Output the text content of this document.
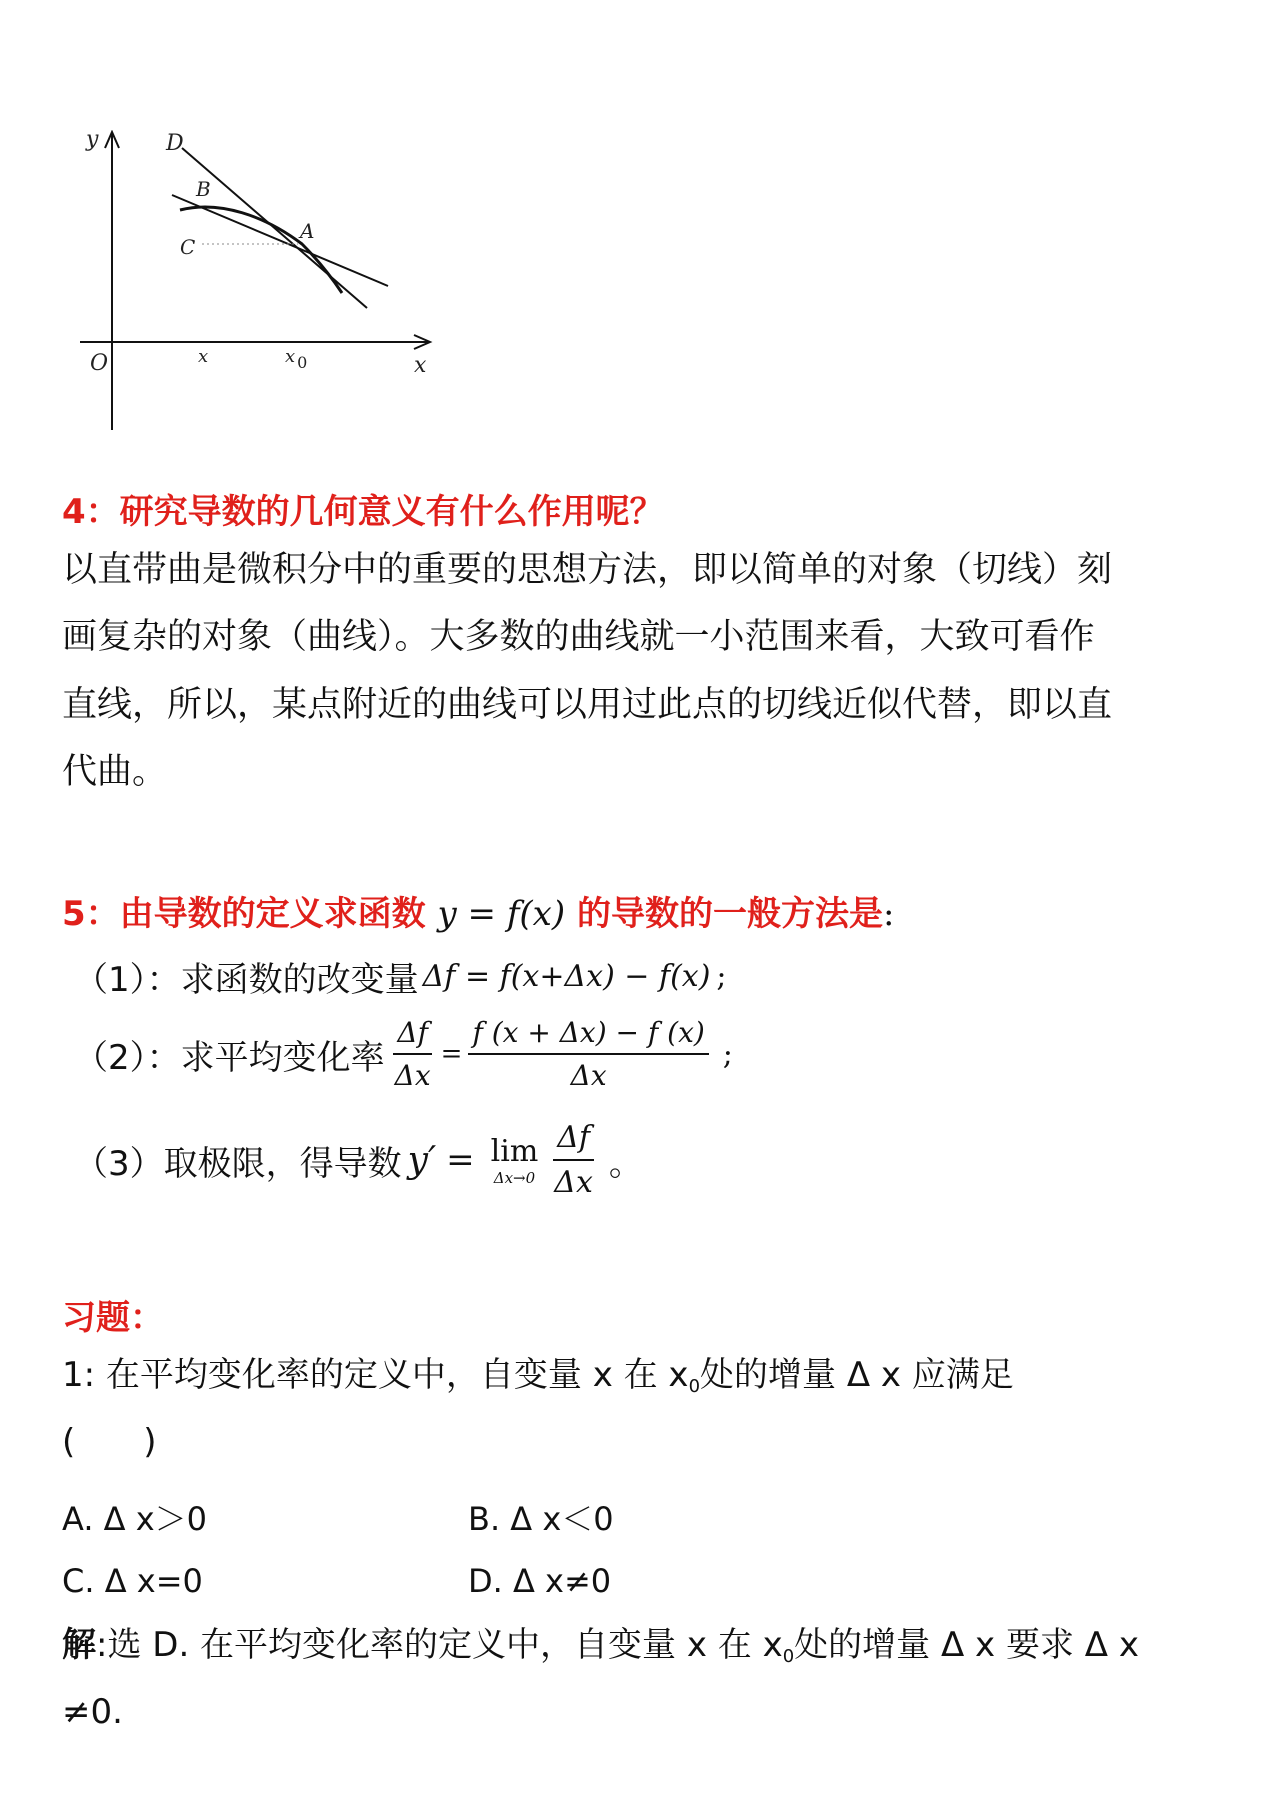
y
x
O	x	x 0
D
B
C
A
4：研究导数的几何意义有什么作用呢？
以直带曲是微积分中的重要的思想方法，即以简单的对象（切线）刻
画复杂的对象（曲线）。大多数的曲线就一小范围来看，大致可看作
直线，所以，某点附近的曲线可以用过此点的切线近似代替，即以直
代曲。
5：由导数的定义求函数 y = f(x) 的导数的一般方法是:
（1）：求函数的改变量 Δf = f(x+Δx) − f(x) ;
（2）：求平均变化率 $\frac{\Delta f}{\Delta x} = \frac{f (x + \Delta x) - f (x)}{\Delta x}$ ;
（3）取极限，得导数 y′ = lim
$\Delta x\to 0 \frac{\Delta f}{\Delta x}$ 。
习题：
1: 在平均变化率的定义中，自变量 x 在 x0处的增量 Δ x 应满足
(　　)
A. Δ x＞0	B. Δ x＜0
C. Δ x=0	D. Δ x≠0
解:选 D. 在平均变化率的定义中，自变量 x 在 x0处的增量 Δ x 要求 Δ x
≠0.
